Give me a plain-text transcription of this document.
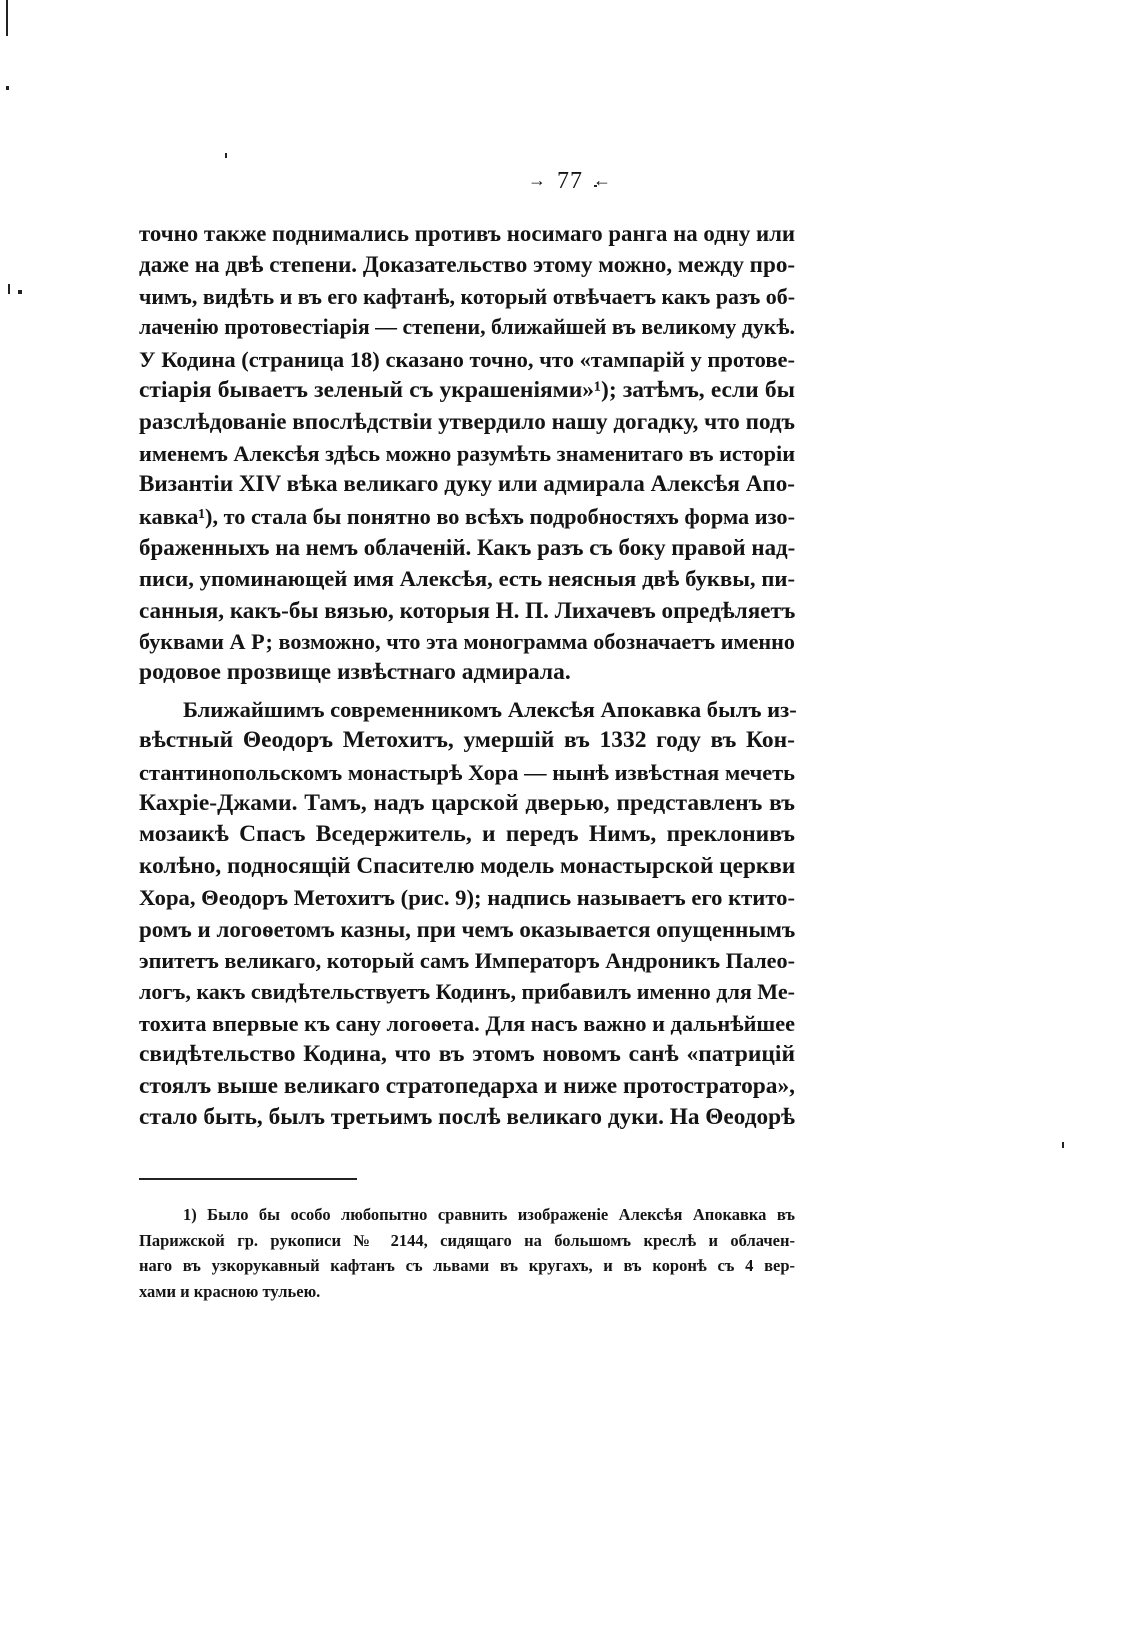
→ 77 ←
точно также поднимались противъ носимаго ранга на одну или
даже на двѣ степени. Доказательство этому можно, между про-
чимъ, видѣть и въ его кафтанѣ, который отвѣчаетъ какъ разъ об-
лаченію протовестіарія — степени, ближайшей въ великому дукѣ.
У Кодина (страница 18) сказано точно, что «тампарій у протове-
стіарія бываетъ зеленый съ украшеніями»¹); затѣмъ, если бы
разслѣдованіе впослѣдствіи утвердило нашу догадку, что подъ
именемъ Алексѣя здѣсь можно разумѣть знаменитаго въ исторіи
Византіи XIV вѣка великаго дуку или адмирала Алексѣя Апо-
кавка¹), то стала бы понятно во всѣхъ подробностяхъ форма изо-
браженныхъ на немъ облаченій. Какъ разъ съ боку правой над-
писи, упоминающей имя Алексѣя, есть неясныя двѣ буквы, пи-
санныя, какъ-бы вязью, которыя Н. П. Лихачевъ опредѣляетъ
буквами А Р; возможно, что эта монограмма обозначаетъ именно
родовое прозвище извѣстнаго адмирала.
Ближайшимъ современникомъ Алексѣя Апокавка былъ из-
вѣстный Θеодоръ Метохитъ, умершій въ 1332 году въ Кон-
стантинопольскомъ монастырѣ Хора — нынѣ извѣстная мечеть
Кахріе-Джами. Тамъ, надъ царской дверью, представленъ въ
мозаикѣ Спасъ Вседержитель, и передъ Нимъ, преклонивъ
колѣно, подносящій Спасителю модель монастырской церкви
Хора, Θеодоръ Метохитъ (рис. 9); надпись называетъ его ктито-
ромъ и логоѳетомъ казны, при чемъ оказывается опущеннымъ
эпитетъ великаго, который самъ Императоръ Андроникъ Палео-
логъ, какъ свидѣтельствуетъ Кодинъ, прибавилъ именно для Ме-
тохита впервые къ сану логоѳета. Для насъ важно и дальнѣйшее
свидѣтельство Кодина, что въ этомъ новомъ санѣ «патрицій
стоялъ выше великаго стратопедарха и ниже протостратора»,
стало быть, былъ третьимъ послѣ великаго дуки. На Θеодорѣ
1) Было бы особо любопытно сравнить изображеніе Алексѣя Апокавка въ
Парижской гр. рукописи № 2144, сидящаго на большомъ креслѣ и облачен-
наго въ узкорукавный кафтанъ съ львами въ кругахъ, и въ коронѣ съ 4 вер-
хами и красною тульею.
